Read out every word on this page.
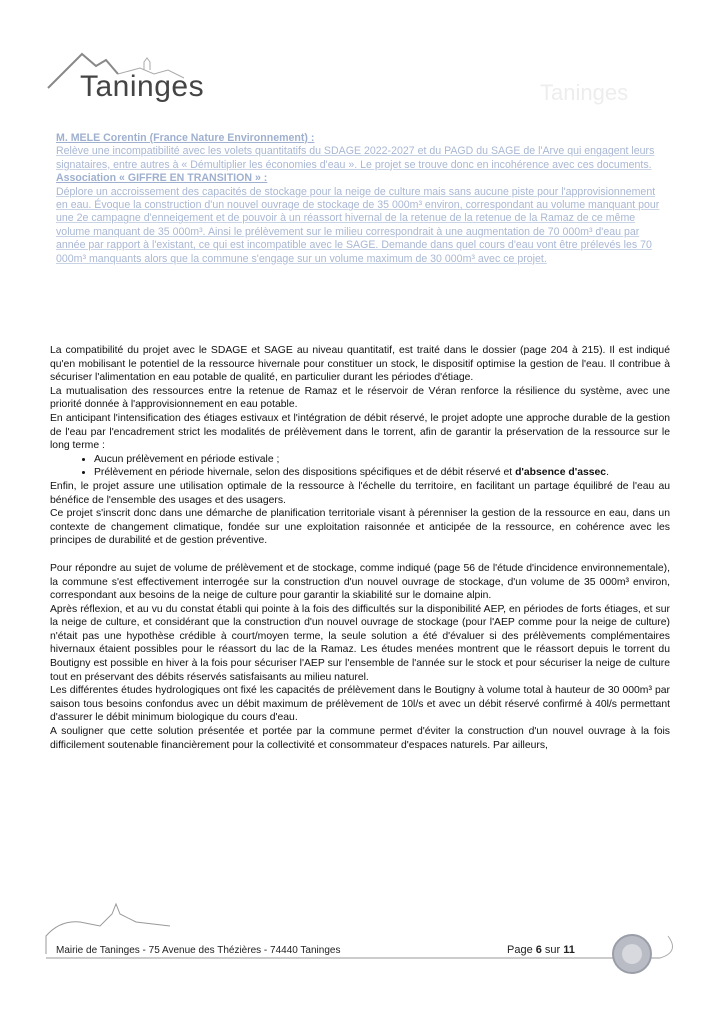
Taninges	Taninges
M. MELE Corentin (France Nature Environnement) :

Relève une incompatibilité avec les volets quantitatifs du SDAGE 2022-2027 et du PAGD du SAGE de l'Arve qui engagent leurs signataires, entre autres à « Démultiplier les économies d'eau ». Le projet se trouve donc en incohérence avec ces documents.

Association « GIFFRE EN TRANSITION » :

Déplore un accroissement des capacités de stockage pour la neige de culture mais sans aucune piste pour l'approvisionnement en eau. Évoque la construction d'un nouvel ouvrage de stockage de 35 000m³ environ, correspondant au volume manquant pour une 2e campagne d'enneigement et de pouvoir à un réassort hivernal de la retenue de la retenue de la Ramaz de ce même volume manquant de 35 000m³. Ainsi le prélèvement sur le milieu correspondrait à une augmentation de 70 000m³ d'eau par année par rapport à l'existant, ce qui est incompatible avec le SAGE. Demande dans quel cours d'eau vont être prélevés les 70 000m³ manquants alors que la commune s'engage sur un volume maximum de 30 000m³ avec ce projet.

La compatibilité du projet avec le SDAGE et SAGE au niveau quantitatif, est traité dans le dossier (page 204 à 215). Il est indiqué qu'en mobilisant le potentiel de la ressource hivernale pour constituer un stock, le dispositif optimise la gestion de l'eau. Il contribue à sécuriser l'alimentation en eau potable de qualité, en particulier durant les périodes d'étiage.

La mutualisation des ressources entre la retenue de Ramaz et le réservoir de Véran renforce la résilience du système, avec une priorité donnée à l'approvisionnement en eau potable.

En anticipant l'intensification des étiages estivaux et l'intégration de débit réservé, le projet adopte une approche durable de la gestion de l'eau par l'encadrement strict les modalités de prélèvement dans le torrent, afin de garantir la préservation de la ressource sur le long terme :

• Aucun prélèvement en période estivale ;
• Prélèvement en période hivernale, selon des dispositions spécifiques et de débit réservé et d'absence d'assec.

Enfin, le projet assure une utilisation optimale de la ressource à l'échelle du territoire, en facilitant un partage équilibré de l'eau au bénéfice de l'ensemble des usages et des usagers.

Ce projet s'inscrit donc dans une démarche de planification territoriale visant à pérenniser la gestion de la ressource en eau, dans un contexte de changement climatique, fondée sur une exploitation raisonnée et anticipée de la ressource, en cohérence avec les principes de durabilité et de gestion préventive.

Pour répondre au sujet de volume de prélèvement et de stockage, comme indiqué (page 56 de l'étude d'incidence environnementale), la commune s'est effectivement interrogée sur la construction d'un nouvel ouvrage de stockage, d'un volume de 35 000m³ environ, correspondant aux besoins de la neige de culture pour garantir la skiabilité sur le domaine alpin.

Après réflexion, et au vu du constat établi qui pointe à la fois des difficultés sur la disponibilité AEP, en périodes de forts étiages, et sur la neige de culture, et considérant que la construction d'un nouvel ouvrage de stockage (pour l'AEP comme pour la neige de culture) n'était pas une hypothèse crédible à court/moyen terme, la seule solution a été d'évaluer si des prélèvements complémentaires hivernaux étaient possibles pour le réassort du lac de la Ramaz. Les études menées montrent que le réassort depuis le torrent du Boutigny est possible en hiver à la fois pour sécuriser l'AEP sur l'ensemble de l'année sur le stock et pour sécuriser la neige de culture tout en préservant des débits réservés satisfaisants au milieu naturel.

Les différentes études hydrologiques ont fixé les capacités de prélèvement dans le Boutigny à volume total à hauteur de 30 000m³ par saison tous besoins confondus avec un débit maximum de prélèvement de 10l/s et avec un débit réservé confirmé à 40l/s permettant d'assurer le débit minimum biologique du cours d'eau.

A souligner que cette solution présentée et portée par la commune permet d'éviter la construction d'un nouvel ouvrage à la fois difficilement soutenable financièrement pour la collectivité et consommateur d'espaces naturels. Par ailleurs,

Mairie de Taninges - 75 Avenue des Thézières - 74440 Taninges	Page 6 sur 11
